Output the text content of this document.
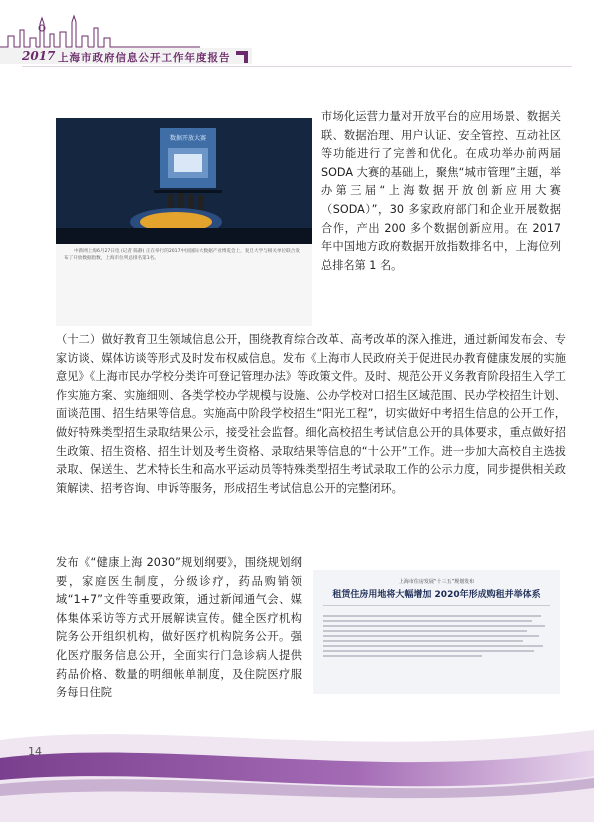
2017 上海市政府信息公开工作年度报告
数据开放大赛

中新网上海6月27日电 (记者 陈静) 正在举行的2017中国国际大数据产业博览会上，复旦大学与相关单位联合发布了开放数据指数，上海市位列总排名第1名。

市场化运营力量对开放平台的应用场景、数据关联、数据治理、用户认证、安全管控、互动社区等功能进行了完善和优化。在成功举办前两届 SODA 大赛的基础上，聚焦“城市管理”主题，举办第三届“上海数据开放创新应用大赛（SODA）”，30 多家政府部门和企业开展数据合作，产出 200 多个数据创新应用。在 2017 年中国地方政府数据开放指数排名中，上海位列总排名第 1 名。

（十二）做好教育卫生领域信息公开，围绕教育综合改革、高考改革的深入推进，通过新闻发布会、专家访谈、媒体访谈等形式及时发布权威信息。发布《上海市人民政府关于促进民办教育健康发展的实施意见》《上海市民办学校分类许可登记管理办法》等政策文件。及时、规范公开义务教育阶段招生入学工作实施方案、实施细则、各类学校办学规模与设施、公办学校对口招生区域范围、民办学校招生计划、面谈范围、招生结果等信息。实施高中阶段学校招生“阳光工程”，切实做好中考招生信息的公开工作，做好特殊类型招生录取结果公示，接受社会监督。细化高校招生考试信息公开的具体要求，重点做好招生政策、招生资格、招生计划及考生资格、录取结果等信息的“十公开”工作。进一步加大高校自主选拔录取、保送生、艺术特长生和高水平运动员等特殊类型招生考试录取工作的公示力度，同步提供相关政策解读、招考咨询、申诉等服务，形成招生考试信息公开的完整闭环。

发布《“健康上海 2030”规划纲要》，围绕规划纲要，家庭医生制度，分级诊疗，药品购销领域“1+7”文件等重要政策，通过新闻通气会、媒体集体采访等方式开展解读宣传。健全医疗机构院务公开组织机构，做好医疗机构院务公开。强化医疗服务信息公开，全面实行门急诊病人提供药品价格、数量的明细帐单制度，及住院医疗服务每日住院

上海市住房发展“十三五”规划发布
租赁住房用地将大幅增加 2020年形成购租并举体系
14
